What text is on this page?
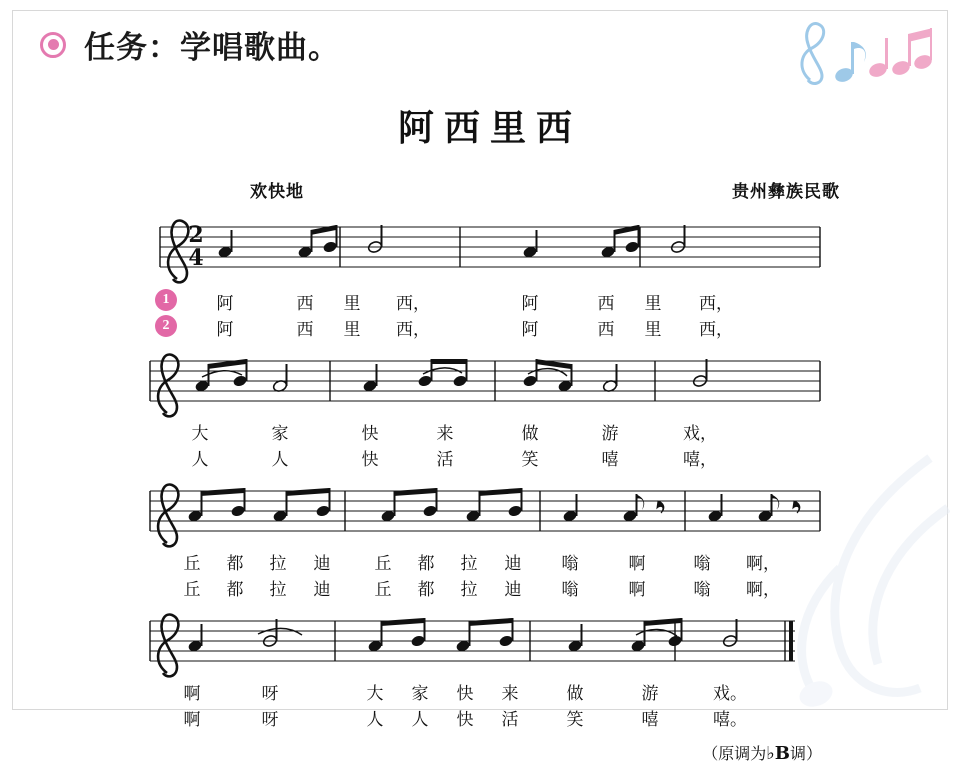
任务：学唱歌曲。
阿西里西
欢快地	贵州彝族民歌
2
4
1	阿	西 里 西，	阿	西 里 西，
2	阿	西 里 西，	阿	西 里 西，
大	家	快	来	做	游	戏，
人	人	快	活	笑	嘻	嘻，
丘 都 拉 迪	丘 都 拉 迪 嗡	啊	嗡 啊，
丘 都 拉 迪	丘 都 拉 迪 嗡	啊	嗡 啊，
啊	呀	大 家 快 来	做	游	戏。
啊	呀	人 人 快 活	笑	嘻	嘻。
（原调为♭B调）
